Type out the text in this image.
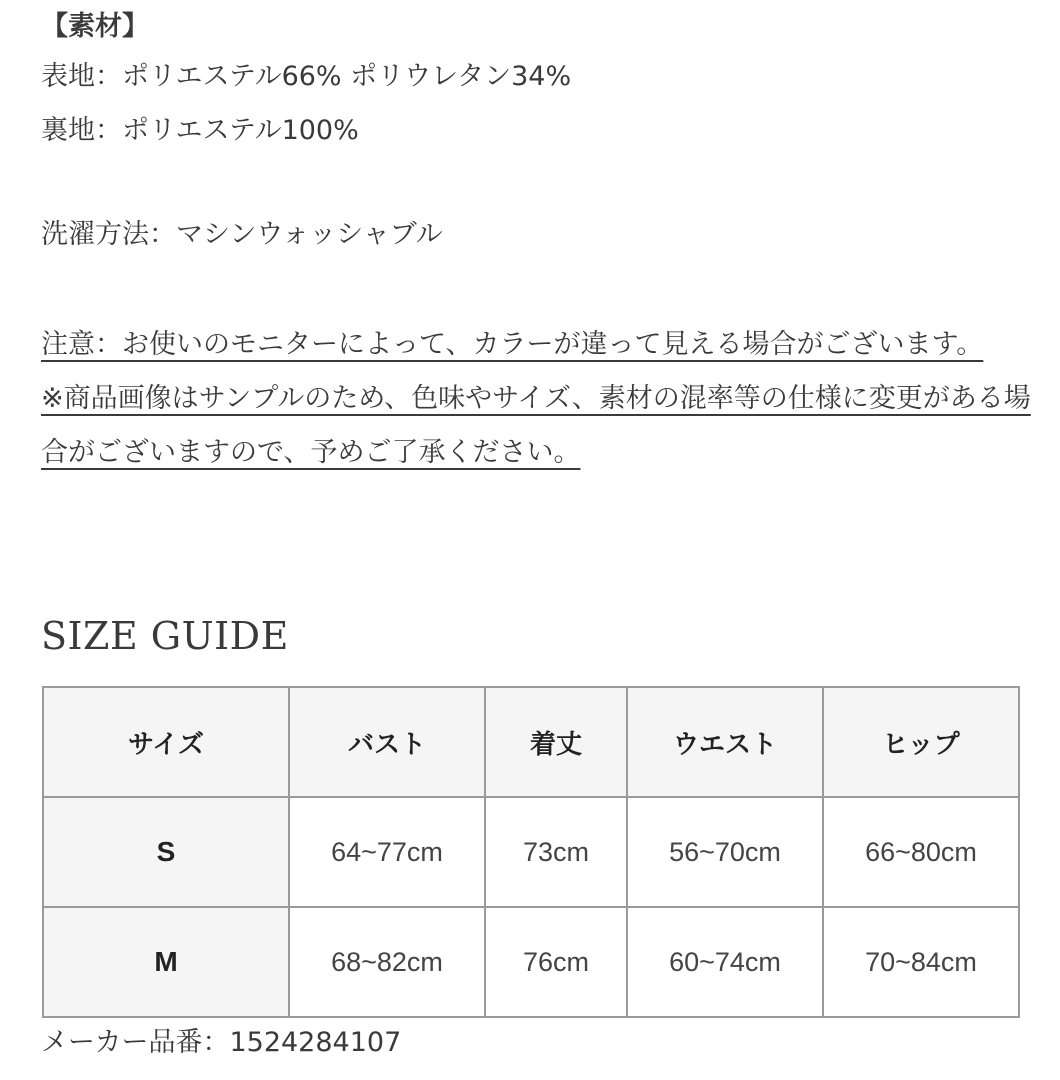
【素材】
表地：ポリエステル66% ポリウレタン34%
裏地：ポリエステル100%
洗濯方法：マシンウォッシャブル

注意：お使いのモニターによって、カラーが違って見える場合がございます。

※商品画像はサンプルのため、色味やサイズ、素材の混率等の仕様に変更がある場合がございますので、予めご了承ください。

SIZE GUIDE
サイズ	バスト	着丈	ウエスト	ヒップ
S	64~77cm	73cm	56~70cm	66~80cm
M	68~82cm	76cm	60~74cm	70~84cm
メーカー品番：1524284107
